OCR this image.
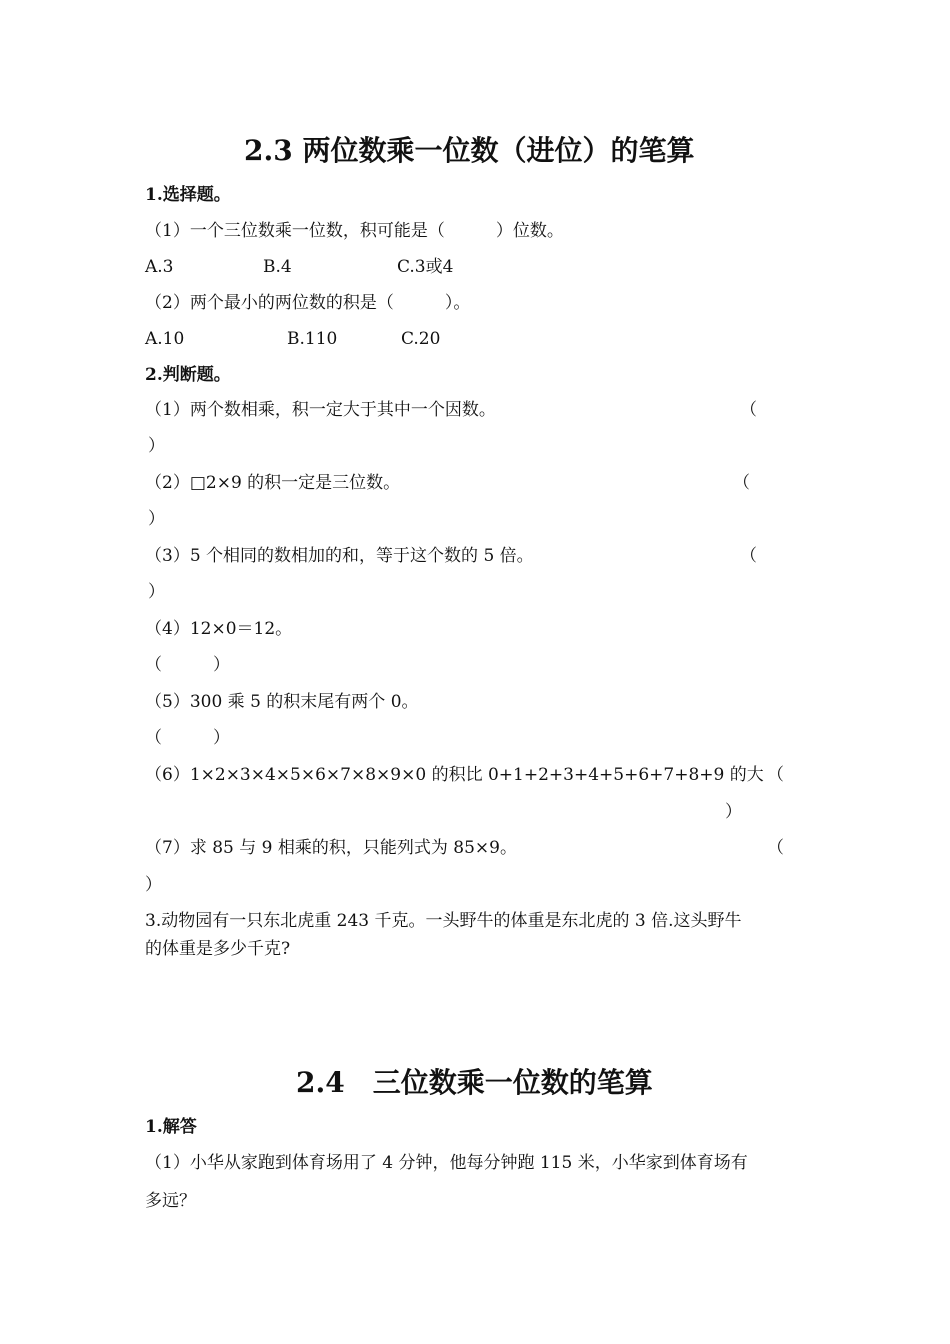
2.3 两位数乘一位数（进位）的笔算
1.选择题。
（1）一个三位数乘一位数，积可能是（　　　）位数。
A.3	B.4	C.3或4
（2）两个最小的两位数的积是（　　　）。
A.10	B.110	C.20
2.判断题。
（1）两个数相乘，积一定大于其中一个因数。	（
）
（2）□2×9 的积一定是三位数。	（
）
（3）5 个相同的数相加的和，等于这个数的 5 倍。	（
）
（4）12×0＝12。
（　　　）
（5）300 乘 5 的积末尾有两个 0。
（　　　）
（6）1×2×3×4×5×6×7×8×9×0 的积比 0+1+2+3+4+5+6+7+8+9 的大 （
）
（7）求 85 与 9 相乘的积，只能列式为 85×9。	（
）
3.动物园有一只东北虎重 243 千克。一头野牛的体重是东北虎的 3 倍.这头野牛
的体重是多少千克?
2.4　三位数乘一位数的笔算
1.解答
（1）小华从家跑到体育场用了 4 分钟，他每分钟跑 115 米，小华家到体育场有
多远？
